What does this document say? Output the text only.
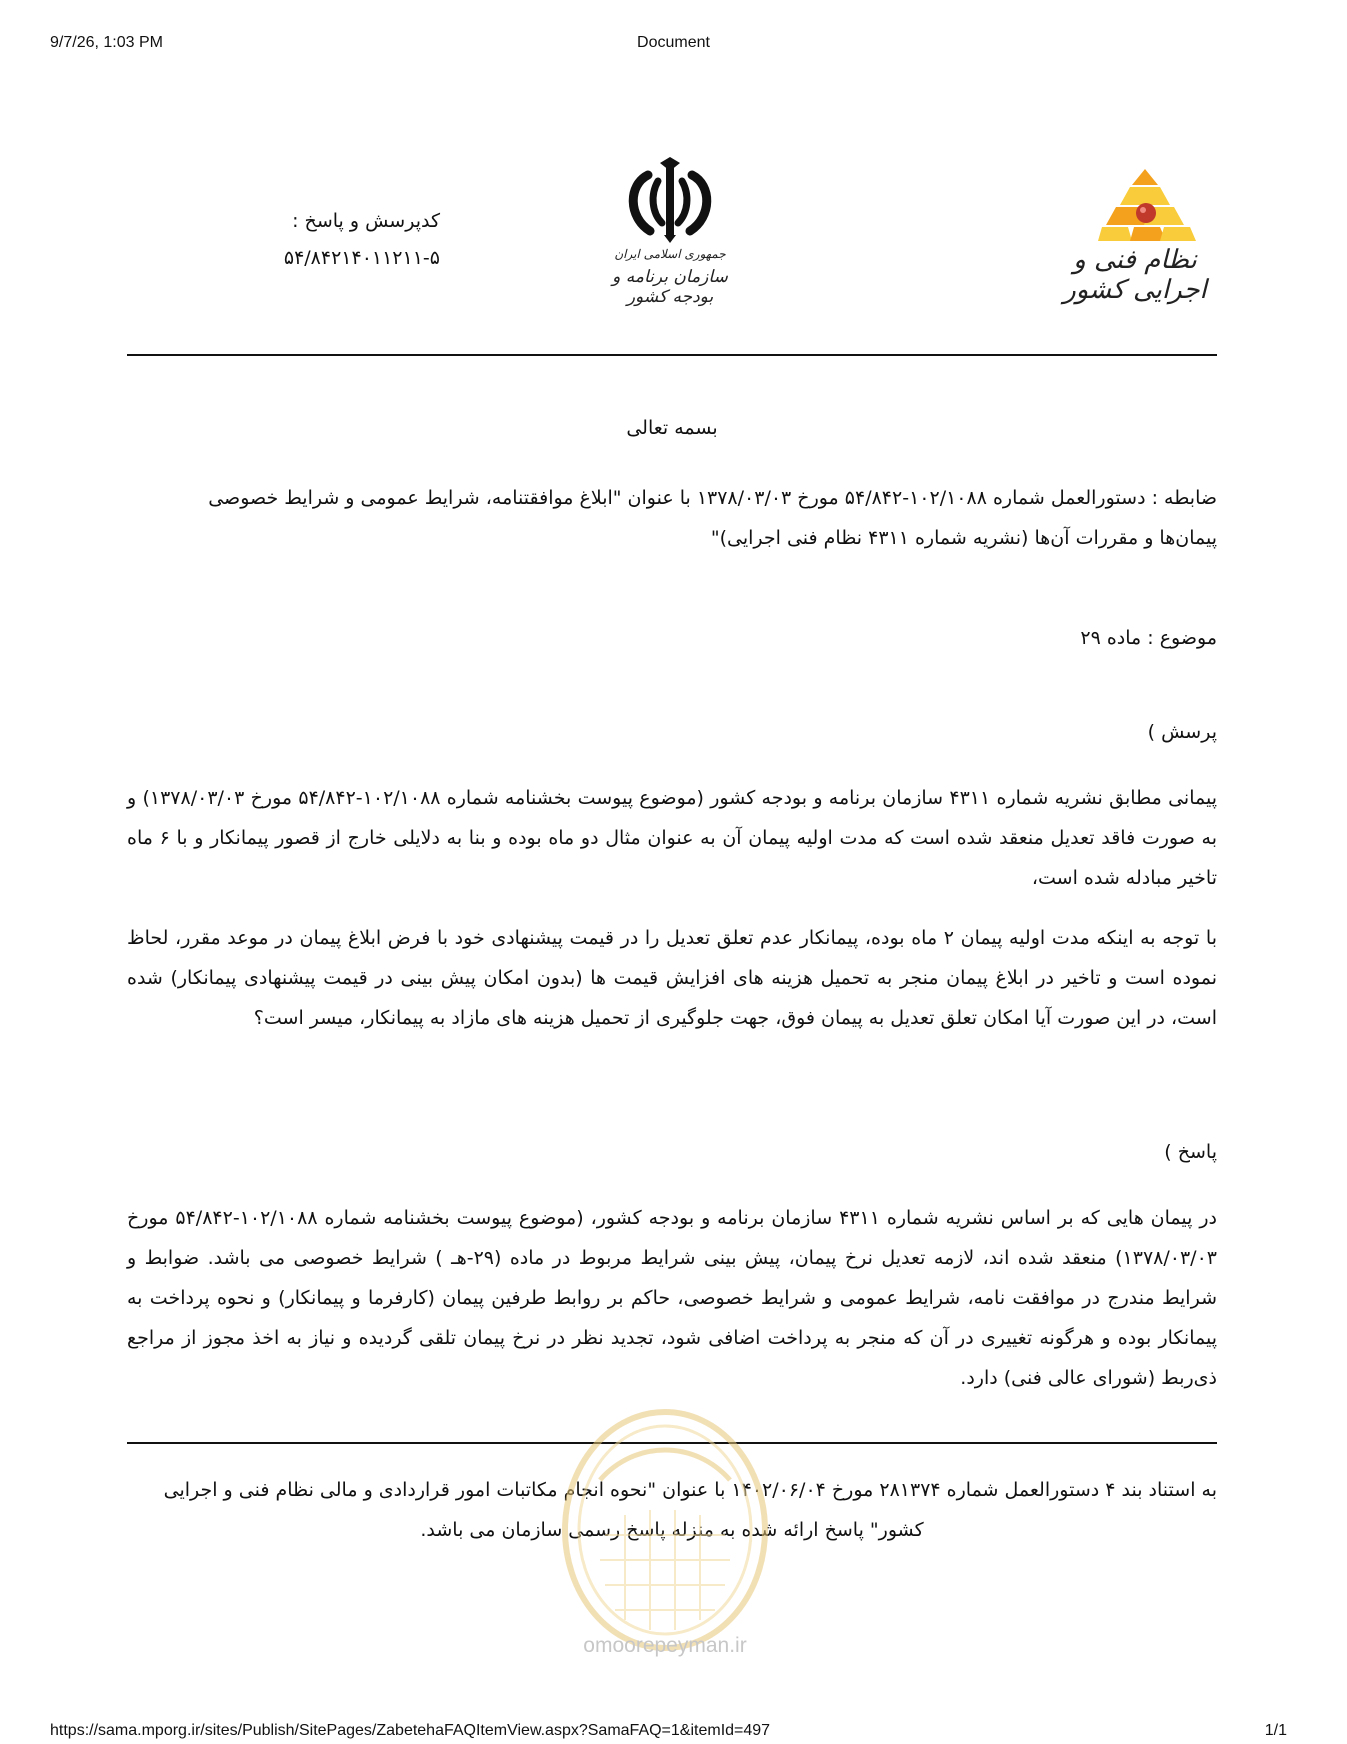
9/7/26, 1:03 PM	Document
نظام فنی و اجرایی کشور
جمهوری اسلامی ایران
سازمان برنامه و بودجه کشور
کدپرسش و پاسخ :
۵۴/۸۴۲۱۴۰۱۱۲۱۱-۵

بسمه تعالی

ضابطه : دستورالعمل شماره ۱۰۲/۱۰۸۸-۵۴/۸۴۲ مورخ ۱۳۷۸/۰۳/۰۳ با عنوان "ابلاغ موافقتنامه، شرایط عمومی و شرایط خصوصی

پیمان‌ها و مقررات آن‌ها (نشریه شماره ۴۳۱۱ نظام فنی اجرایی)"

موضوع : ماده ۲۹

پرسش )

پیمانی مطابق نشریه شماره ۴۳۱۱ سازمان برنامه و بودجه کشور (موضوع پیوست بخشنامه شماره ۱۰۲/۱۰۸۸-۵۴/۸۴۲ مورخ ۱۳۷۸/۰۳/۰۳) و به صورت فاقد تعدیل منعقد شده است که مدت اولیه پیمان آن به عنوان مثال دو ماه بوده و بنا به دلایلی خارج از قصور پیمانکار و با ۶ ماه تاخیر مبادله شده است،

با توجه به اینکه مدت اولیه پیمان ۲ ماه بوده، پیمانکار عدم تعلق تعدیل را در قیمت پیشنهادی خود با فرض ابلاغ پیمان در موعد مقرر، لحاظ نموده است و تاخیر در ابلاغ پیمان منجر به تحمیل هزینه های افزایش قیمت ها (بدون امکان پیش بینی در قیمت پیشنهادی پیمانکار) شده است، در این صورت آیا امکان تعلق تعدیل به پیمان فوق، جهت جلوگیری از تحمیل هزینه های مازاد به پیمانکار، میسر است؟

پاسخ )

در پیمان هایی که بر اساس نشریه شماره ۴۳۱۱ سازمان برنامه و بودجه کشور، (موضوع پیوست بخشنامه شماره ۱۰۲/۱۰۸۸-۵۴/۸۴۲ مورخ ۱۳۷۸/۰۳/۰۳) منعقد شده اند، لازمه تعدیل نرخ پیمان، پیش بینی شرایط مربوط در ماده (۲۹-هـ ) شرایط خصوصی می باشد. ضوابط و شرایط مندرج در موافقت نامه، شرایط عمومی و شرایط خصوصی، حاکم بر روابط طرفین پیمان (کارفرما و پیمانکار) و نحوه پرداخت به پیمانکار بوده و هرگونه تغییری در آن که منجر به پرداخت اضافی شود، تجدید نظر در نرخ پیمان تلقی گردیده و نیاز به اخذ مجوز از مراجع ذی‌ربط (شورای عالی فنی) دارد.

به استناد بند ۴ دستورالعمل شماره ۲۸۱۳۷۴ مورخ ۱۴۰۲/۰۶/۰۴ با عنوان "نحوه انجام مکاتبات امور قراردادی و مالی نظام فنی و اجرایی

کشور" پاسخ ارائه شده به منزله پاسخ رسمی سازمان می باشد.

omoorepeyman.ir
https://sama.mporg.ir/sites/Publish/SitePages/ZabetehaFAQItemView.aspx?SamaFAQ=1&itemId=497	1/1
